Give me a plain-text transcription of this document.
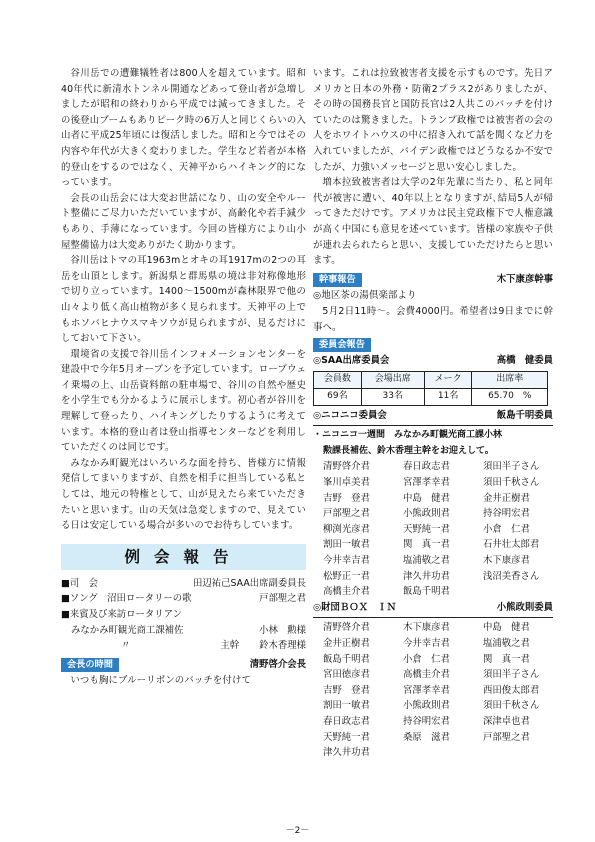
谷川岳での遭難犠牲者は800人を超えています。昭和40年代に新清水トンネル開通などあって登山者が急増しましたが昭和の終わりから平成では減ってきました。その後登山ブームもありピーク時の6万人と同じくらいの入山者に平成25年頃には復活しました。昭和と今ではその内容や年代が大きく変わりました。学生など若者が本格的登山をするのではなく、天神平からハイキング的になっています。

会長の山岳会には大変お世話になり、山の安全やルート整備にご尽力いただいていますが、高齢化や若手減少もあり、手薄になっています。今回の皆様方により山小屋整備協力は大変ありがたく助かります。

谷川岳はトマの耳1963mとオキの耳1917mの2つの耳岳を山頂とします。新潟県と群馬県の境は非対称像地形で切り立っています。1400～1500mが森林限界で他の山々より低く高山植物が多く見られます。天神平の上でもホソバヒナウスマキソウが見られますが、見るだけにしておいて下さい。

環境省の支援で谷川岳インフォメーションセンターを建設中で今年5月オープンを予定しています。ロープウェイ乗場の上、山岳資料館の駐車場で、谷川の自然や歴史を小学生でも分かるように展示します。初心者が谷川を理解して登ったり、ハイキングしたりするように考えています。本格的登山者は登山指導センターなどを利用していただくのは同じです。

みなかみ町観光はいろいろな面を持ち、皆様方に情報発信してまいりますが、自然を相手に担当している私としては、地元の特権として、山が見えたら来ていただきたいと思います。山の天気は急変しますので、見えている日は安定している場合が多いのでお待ちしています。

例会報告
■司　会	田辺祐己SAA出席副委員長
■ソング　沼田ロータリーの歌	戸部聖之君
■来賓及び来訪ロータリアン
みなかみ町観光商工課補佐	小林　勲様
〃	主幹 鈴木香理様
会長の時間	清野啓介会長

いつも胸にブルーリボンのバッチを付けて

います。これは拉致被害者支援を示すものです。先日アメリカと日本の外務・防衛2プラス2がありましたが、その時の国務長官と国防長官は2人共このバッチを付けていたのは驚きました。トランプ政権では被害者の会の人をホワイトハウスの中に招き入れて話を聞くなど力を入れていましたが、バイデン政権ではどうなるか不安でしたが、力強いメッセージと思い安心しました。

増本拉致被害者は大学の2年先輩に当たり、私と同年代が被害に遭い、40年以上となりますが､結局5人が帰ってきただけです。アメリカは民主党政権下で人権意識が高く中国にも意見を述べています。皆様の家族や子供が連れ去られたらと思い、支援していただけたらと思います。

幹事報告	木下康彦幹事

◎地区茶の湯倶楽部より

5月2日11時～。会費4000円。希望者は9日までに幹事へ。

委員会報告
◎SAA出席委員会	高橋　健委員
会員数	会場出席	メーク	出席率
69名	33名	11名	65.70　%
◎ニコニコ委員会	飯島千明委員
・ニコニコ一週間　みなかみ町観光商工課小林
勲課長補佐、鈴木香理主幹をお迎えして。
清野啓介君	春日政志君	須田半子さん
峯川卓美君	宮澤孝幸君	須田千秋さん
吉野　登君	中島　健君	金井正樹君
戸部聖之君	小熊政則君	持谷明宏君
柳渕光彦君	天野純一君	小倉　仁君
割田一敏君	関　真一君	石井壮太郎君
今井幸吉君	塩浦敬之君	木下康彦君
松野正一君	津久井功君	浅沼美香さん
高橋圭介君	飯島千明君
◎財団ＢＯＸ　ＩＮ	小熊政則委員
清野啓介君	木下康彦君	中島　健君
金井正樹君	今井幸吉君	塩浦敬之君
飯島千明君	小倉　仁君	関　真一君
宮田徳彦君	高橋圭介君	須田半子さん
吉野　登君	宮澤孝幸君	西田俊太郎君
割田一敏君	小熊政則君	須田千秋さん
春日政志君	持谷明宏君	深津卓也君
天野純一君	桑原　滋君	戸部聖之君
津久井功君
－2－
